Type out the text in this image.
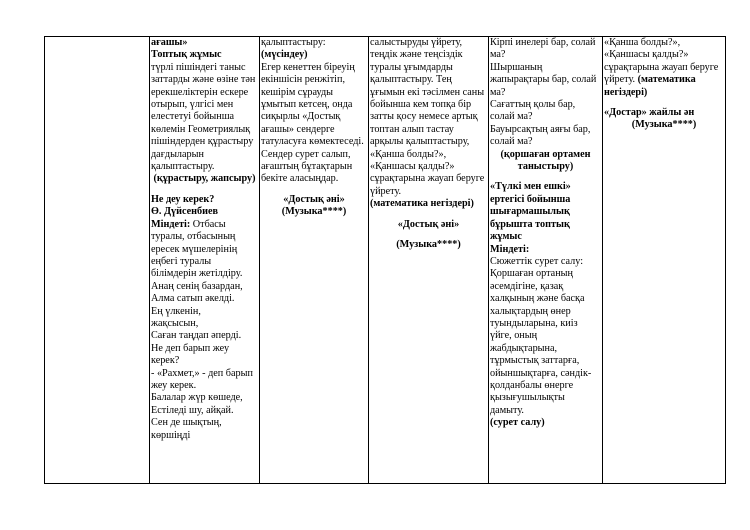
ағашы»

Топтық жұмыс

түрлі пішіндегі таныс заттарды және өзіне тән ерекшеліктерін ескере отырып, үлгісі мен елестетуі бойынша көлемін Геометриялық пішіндерден құрастыру дағдыларын қалыптастыру.

(құрастыру, жапсыру)

Не деу керек?

Ө. Дүйсенбиев

Міндеті: Отбасы туралы, отбасының ересек мүшелерінің еңбегі туралы білімдерін жетілдіру.

Анаң сенің базардан,
Алма сатып әкелді.
Ең үлкенін,
жақсысын,
Саған таңдап әперді.
Не деп барып жеу керек?
- «Рахмет,» - деп барып жеу керек.
Балалар жүр көшеде,
Естіледі шу, айқай.
Сен де шықтың,
көршіңді

қалыптастыру:

(мүсіндеу)

Егер кенеттен біреуің екіншісін ренжітіп, кешірім сұрауды ұмытып кетсең, онда сиқырлы «Достық ағашы» сендерге татуласуға көмектеседі. Сендер сурет салып, ағаштың бұтақтарын бекіте аласыңдар.

«Достық әні»

(Музыка****)

салыстыруды үйрету, теңдік және теңсіздік туралы ұғымдарды қалыптастыру. Тең ұғымын екі тәсілмен саны бойынша кем топқа бір затты қосу немесе артық топтан алып тастау арқылы қалыптастыру, «Қанша болды?», «Қаншасы қалды?» сұрақтарына жауап беруге үйрету.

(математика негіздері)

«Достық әні»

(Музыка****)

Кірпі инелері бар, солай ма?
Шыршаның жапырақтары бар, солай ма?
Сағаттың қолы бар, солай ма?
Бауырсақтың аяғы бар, солай ма?

(қоршаған ортамен таныстыру)

«Түлкі мен ешкі» ертегісі бойынша шығармашылық бұрышта топтық жұмыс

Міндеті:

Сюжеттік сурет салу:
Қоршаған ортаның әсемдігіне, қазақ халқының және басқа халықтардың өнер туындыларына, киіз үйге, оның жабдықтарына, тұрмыстық заттарға, ойыншықтарға, сәндік-қолданбалы өнерге қызығушылықты дамыту.

(сурет салу)

«Қанша болды?», «Қаншасы қалды?» сұрақтарына жауап беруге үйрету. (математика негіздері)

«Достар» жайлы ән

(Музыка****)
